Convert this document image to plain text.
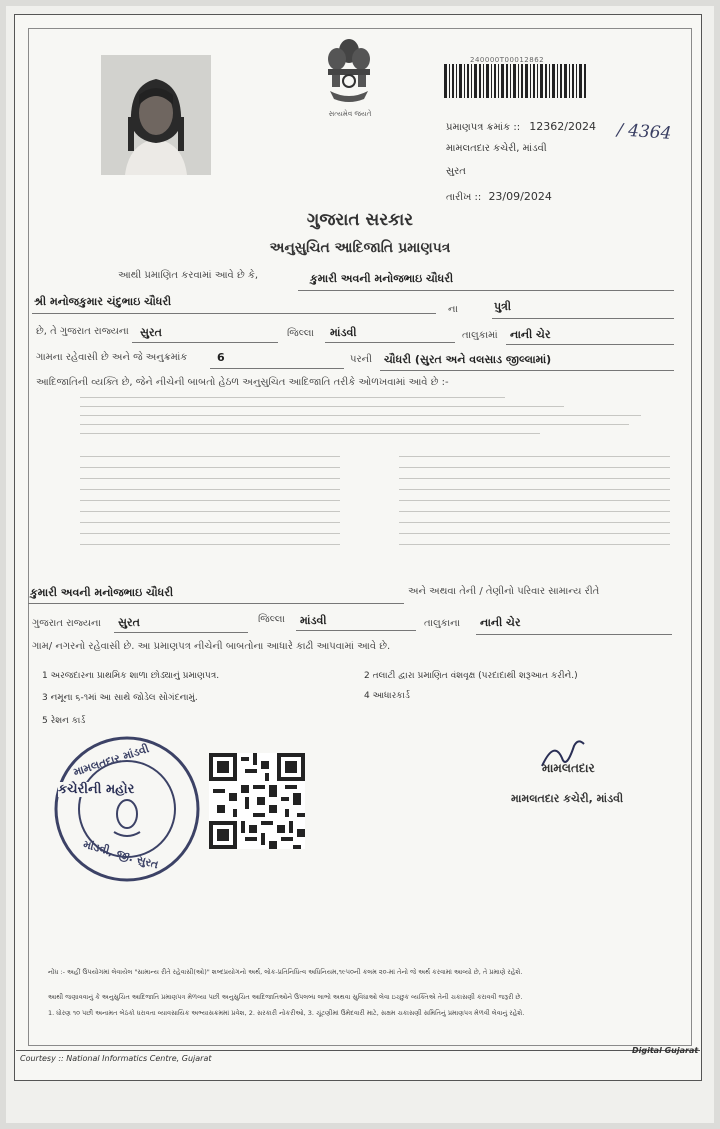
સત્યમેવ જયતે
240000T00012862
પ્રમાણપત્ર ક્રમાંક :: 12362/2024 / 4364
મામલતદાર કચેરી, માંડવી
સુરત
તારીખ :: 23/09/2024
ગુજરાત સરકાર
અનુસુચિત આદિજાતિ પ્રમાણપત્ર
આથી પ્રમાણિત કરવામાં આવે છે કે,	કુમારી અવની મનોજભાઇ ચૌધરી
શ્રી મનોજકુમાર ચંદુભાઇ ચૌધરી
ના	પુત્રી
છે, તે ગુજરાત રાજ્યના સુરત	જિલ્લા માંડવી	તાલુકામાં નાની ચેર
ગામના રહેવાસી છે અને જે અનુક્રમાંક	6	પરની ચૌધરી (સુરત અને વલસાડ જીલ્લામાં)
આદિજાતિની વ્યક્તિ છે, જેને નીચેની બાબતો હેઠળ અનુસુચિત આદિજાતિ તરીકે ઓળખવામાં આવે છે :-
કુમારી અવની મનોજભાઇ ચૌધરી	અને અથવા તેની / તેણીનો પરિવાર સામાન્ય રીતે
ગુજરાત રાજ્યના સુરત	જિલ્લા માંડવી	તાલુકાના નાની ચેર
ગામ/ નગરનો રહેવાસી છે. આ પ્રમાણપત્ર નીચેની બાબતોના આધારે કાઢી આપવામાં આવે છે.
1 અરજદારના પ્રાથમિક શાળા છોડ્યાનું પ્રમાણપત્ર.	2 તલાટી દ્વારા પ્રમાણિત વંશવૃક્ષ (પરદાદાથી શરૂઆત કરીને.)
3 નમૂના ૬-૧માં આ સાથે જોડેલ સોગંદનામું.	4 આધારકાર્ડ
5 રેશન કાર્ડ
મામલતદાર માંડવી
કચેરીની મહોર
માંડવી, જી. સુરત
મામલતદાર
મામલતદાર કચેરી, માંડવી
નોંધ :- અહીં ઉપયોગમાં લેવાયેલ "સામાન્ય રીતે રહેવાસી(ઓ)" શબ્દપ્રયોગનો અર્થ, લોક-પ્રતિનિધિત્વ અધિનિયમ,૧૯૫૦ની કલમ ૨૦-માં તેનો જે અર્થ કરવામાં આવ્યો છે, તે પ્રમાણે રહેશે.
આથી જણાવવાનું કે અનુસુચિત આદિજાતિ પ્રમાણપત્ર મેળવ્યા પછી અનુસુચિત આદિજાતિઓને ઉપલબ્ધ લાભો અથવા સુવિધાઓ લેવા ઇચ્છુક વ્યક્તિએ તેની ચકાસણી કરાવવી જરૂરી છે.
1. ધોરણ ૧૦ પછી અનામત બેઠકો ધરાવતા વ્યાવસાયિક અભ્યાસક્રમમાં પ્રવેશ, 2. સરકારી નોકરીઓ, 3. ચૂંટણીમાં ઉમેદવારી માટે, સક્ષમ ચકાસણી સમિતિનું પ્રમાણપત્ર મેળવી લેવાનું રહેશે.
Courtesy :: National Informatics Centre, Gujarat
Digital Gujarat
